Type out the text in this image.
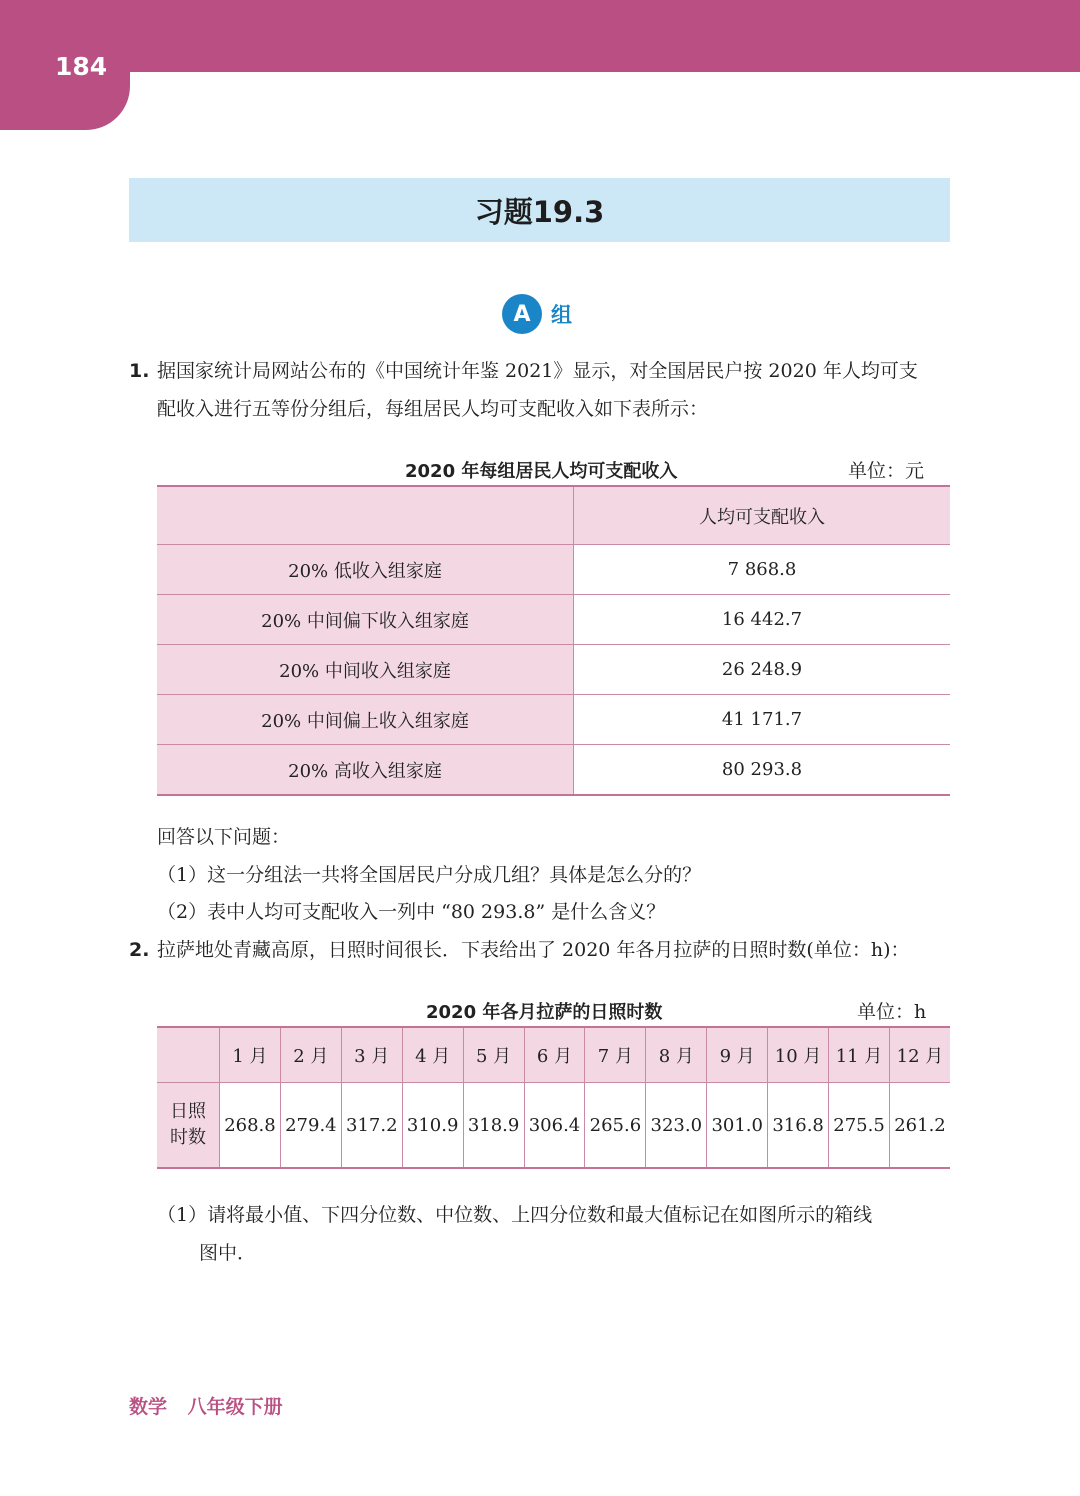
184
习题19.3
A 组
1. 据国家统计局网站公布的《中国统计年鉴 2021》显示，对全国居民户按 2020 年人均可支
配收入进行五等份分组后，每组居民人均可支配收入如下表所示：
2020 年每组居民人均可支配收入	单位：元
	人均可支配收入
20% 低收入组家庭	7 868.8
20% 中间偏下收入组家庭	16 442.7
20% 中间收入组家庭	26 248.9
20% 中间偏上收入组家庭	41 171.7
20% 高收入组家庭	80 293.8
回答以下问题：
（1）这一分组法一共将全国居民户分成几组？具体是怎么分的？
（2）表中人均可支配收入一列中 “80 293.8” 是什么含义？
2. 拉萨地处青藏高原，日照时间很长．下表给出了 2020 年各月拉萨的日照时数(单位：h)：
2020 年各月拉萨的日照时数	单位：h
	1 月	2 月	3 月	4 月	5 月	6 月	7 月	8 月	9 月	10 月	11 月	12 月
日照
时数	268.8	279.4	317.2	310.9	318.9	306.4	265.6	323.0	301.0	316.8	275.5	261.2
（1）请将最小值、下四分位数、中位数、上四分位数和最大值标记在如图所示的箱线
图中．
数学 八年级下册
